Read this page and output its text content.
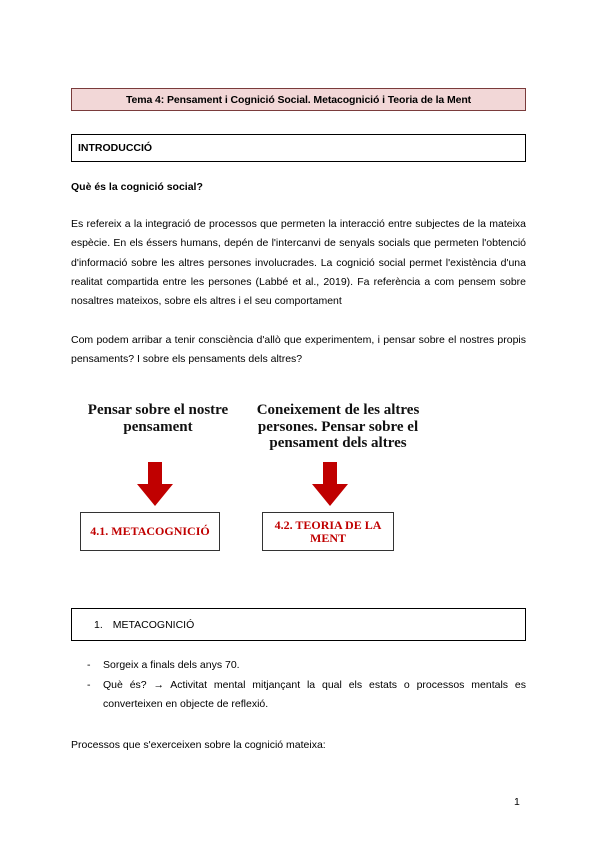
Tema 4: Pensament i Cognició Social. Metacognició i Teoria de la Ment
INTRODUCCIÓ
Què és la cognició social?
Es refereix a la integració de processos que permeten la interacció entre subjectes de la mateixa espècie. En els éssers humans, depén de l'intercanvi de senyals socials que permeten l'obtenció d'informació sobre les altres persones involucrades. La cognició social permet l'existència d'una realitat compartida entre les persones (Labbé et al., 2019). Fa referència a com pensem sobre nosaltres mateixos, sobre els altres i el seu comportament
Com podem arribar a tenir consciència d'allò que experimentem, i pensar sobre el nostres propis pensaments? I sobre els pensaments dels altres?
Pensar sobre el nostre pensament
Coneixement de les altres persones. Pensar sobre el pensament dels altres
4.1. METACOGNICIÓ	4.2. TEORIA DE LA MENT
1. METACOGNICIÓ
-	Sorgeix a finals dels anys 70.
-	Què és? → Activitat mental mitjançant la qual els estats o processos mentals es converteixen en objecte de reflexió.
Processos que s'exerceixen sobre la cognició mateixa:
1
